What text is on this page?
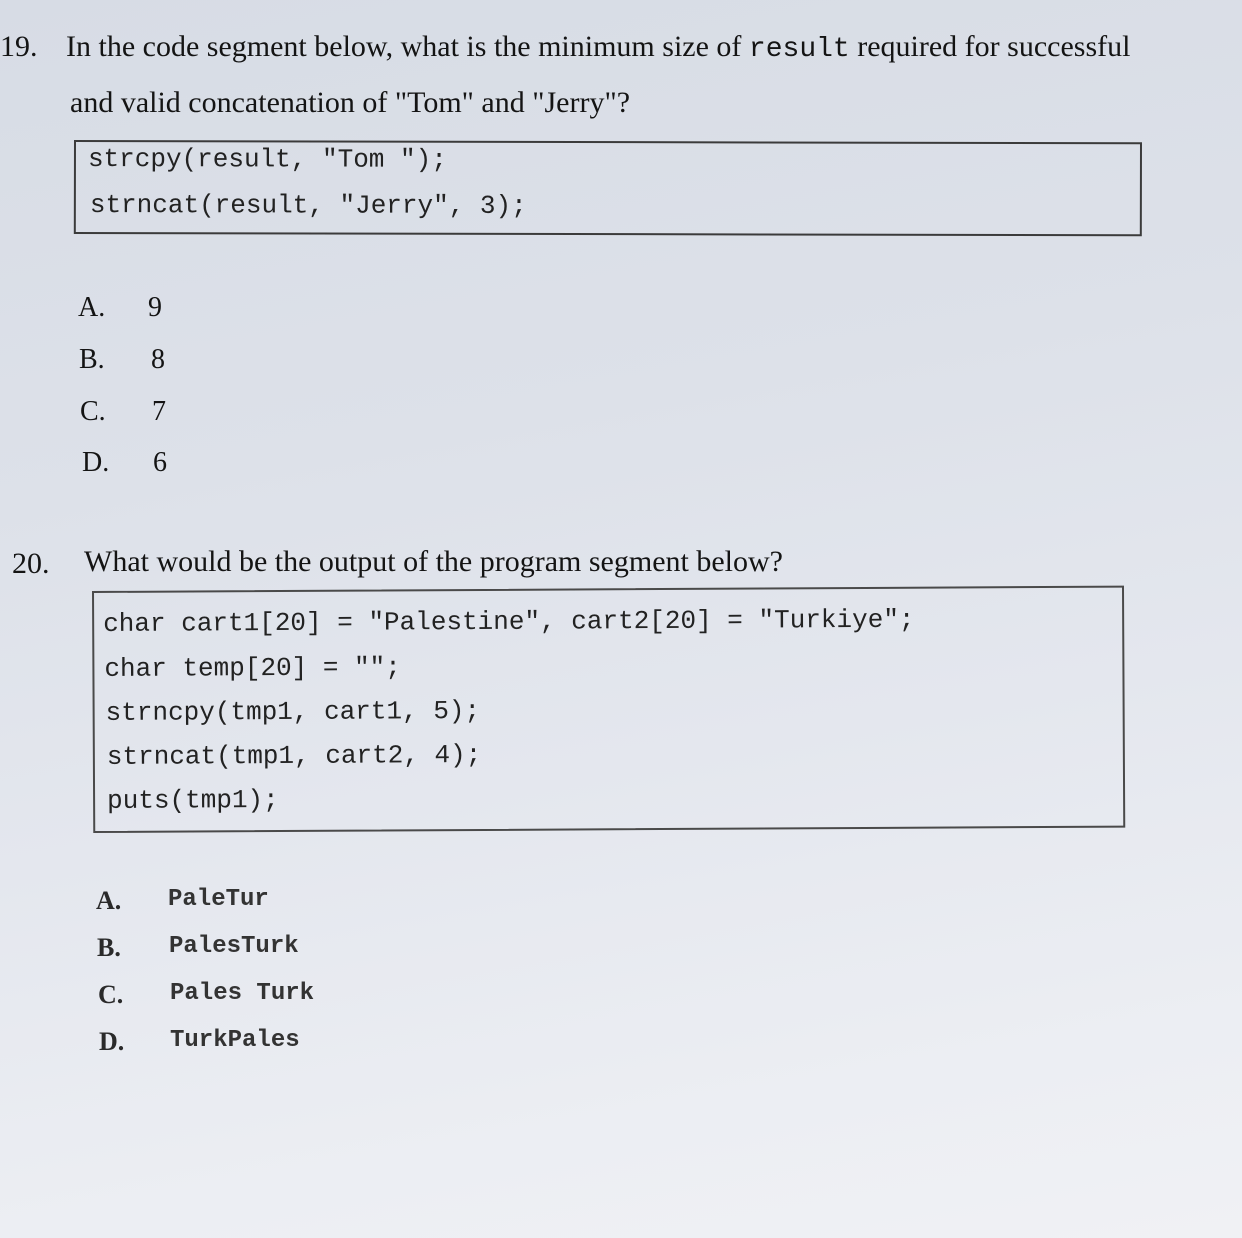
19. In the code segment below, what is the minimum size of result required for successful
and valid concatenation of "Tom" and "Jerry"?
strcpy(result, "Tom ");
strncat(result, "Jerry", 3);
A. 9
B. 8
C. 7
D. 6
20. What would be the output of the program segment below?
char cart1[20] = "Palestine", cart2[20] = "Turkiye";
char temp[20] = "";
strncpy(tmp1, cart1, 5);
strncat(tmp1, cart2, 4);
puts(tmp1);
A. PaleTur
B. PalesTurk
C. Pales Turk
D. TurkPales
